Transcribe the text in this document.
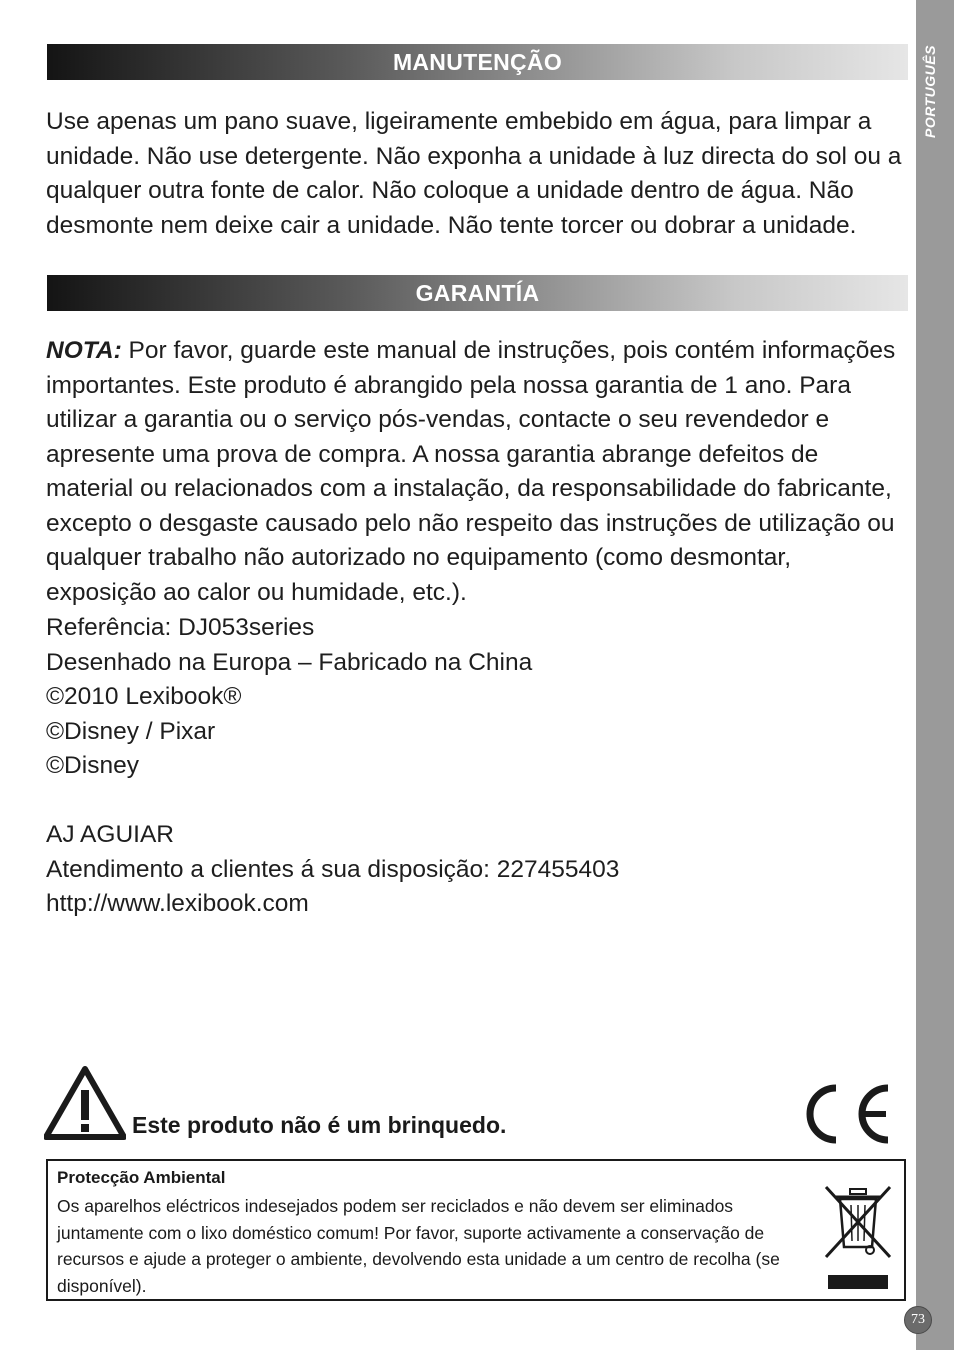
PORTUGUÊS
73
MANUTENÇÃO

Use apenas um pano suave, ligeiramente embebido em água, para limpar a unidade. Não use detergente. Não exponha a unidade à luz directa do sol ou a qualquer outra fonte de calor. Não coloque a unidade dentro de água. Não desmonte nem deixe cair a unidade. Não tente torcer ou dobrar a unidade.

GARANTÍA

NOTA: Por favor, guarde este manual de instruções, pois contém informações importantes. Este produto é abrangido pela nossa garantia de 1 ano. Para utilizar a garantia ou o serviço pós-vendas, contacte o seu revendedor e apresente uma prova de compra. A nossa garantia abrange defeitos de material ou relacionados com a instalação, da responsabilidade do fabricante, excepto o desgaste causado pelo não respeito das instruções de utilização ou qualquer trabalho não autorizado no equipamento (como desmontar, exposição ao calor ou humidade, etc.).

Referência: DJ053series
Desenhado na Europa – Fabricado na China
©2010 Lexibook®
©Disney / Pixar
©Disney
AJ AGUIAR
Atendimento a clientes á sua disposição: 227455403
http://www.lexibook.com
Este produto não é um brinquedo.
Protecção Ambiental
Os aparelhos eléctricos indesejados podem ser reciclados e não devem ser eliminados juntamente com o lixo doméstico comum! Por favor, suporte activamente a conservação de recursos e ajude a proteger o ambiente, devolvendo esta unidade a um centro de recolha (se disponível).
